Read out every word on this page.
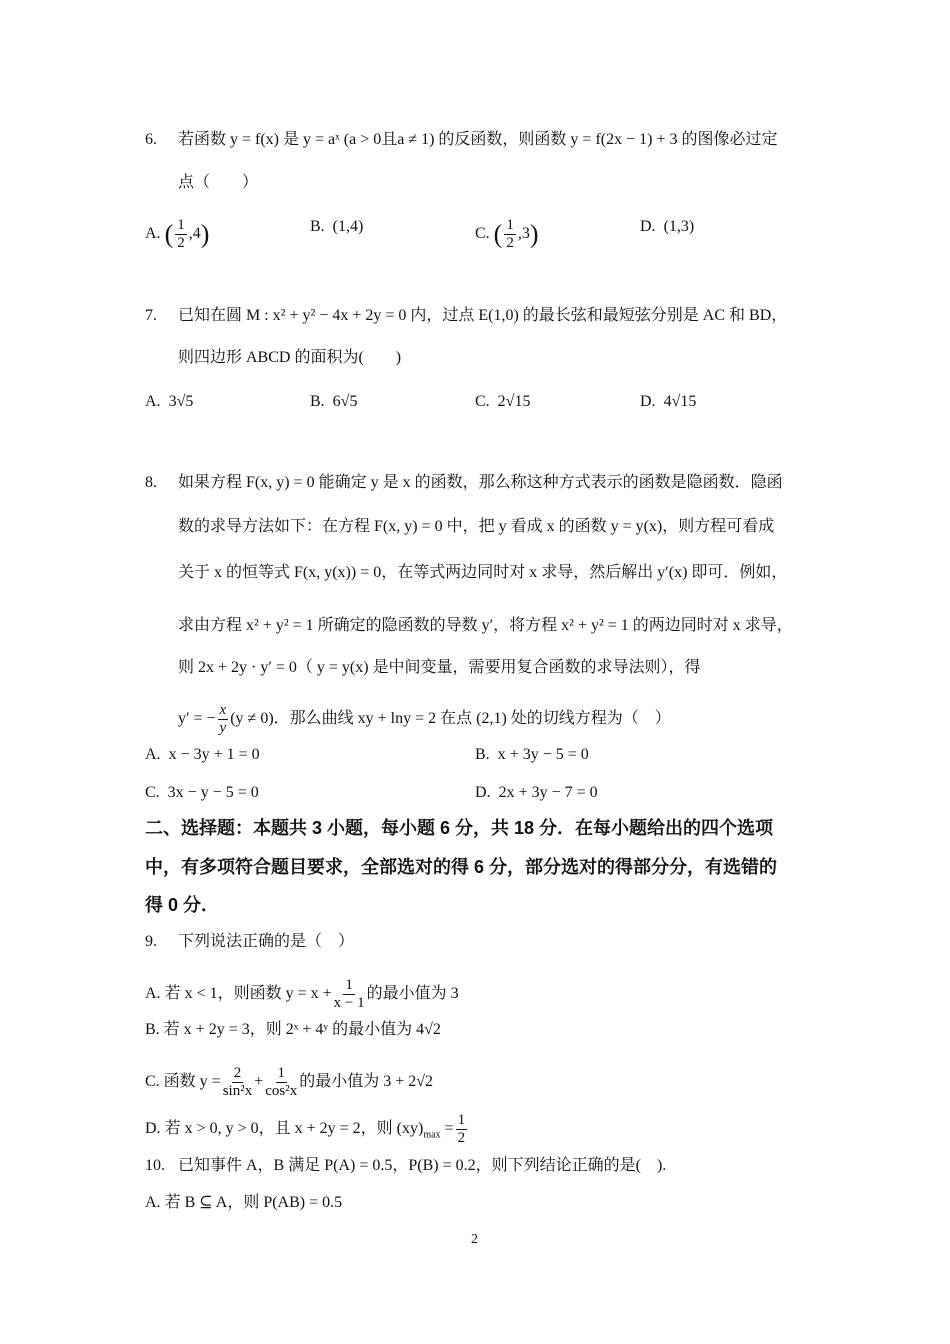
6. 若函数 y = f(x) 是 y = aˣ (a > 0且a ≠ 1) 的反函数，则函数 y = f(2x − 1) + 3 的图像必过定
点（　　）
A. ( $\frac{1}{2} ,4$)	B. (1,4)	C. ( $\frac{1}{2} ,3$)	D. (1,3)
7. 已知在圆 M : x² + y² − 4x + 2y = 0 内，过点 E(1,0) 的最长弦和最短弦分别是 AC 和 BD，
则四边形 ABCD 的面积为(　　)
A. 3√5	B. 6√5	C. 2√15	D. 4√15
8. 如果方程 F(x, y) = 0 能确定 y 是 x 的函数，那么称这种方式表示的函数是隐函数．隐函
数的求导方法如下：在方程 F(x, y) = 0 中，把 y 看成 x 的函数 y = y(x)，则方程可看成
关于 x 的恒等式 F(x, y(x)) = 0，在等式两边同时对 x 求导，然后解出 y′(x) 即可．例如，
求由方程 x² + y² = 1 所确定的隐函数的导数 y′，将方程 x² + y² = 1 的两边同时对 x 求导，
则 2x + 2y · y′ = 0（ y = y(x) 是中间变量，需要用复合函数的求导法则），得
y′ = − $\frac{x}{y} (y \ne 0)$．那么曲线 xy + lny = 2 在点 (2,1) 处的切线方程为（　）
A. x − 3y + 1 = 0	B. x + 3y − 5 = 0
C. 3x − y − 5 = 0	D. 2x + 3y − 7 = 0
二、选择题：本题共 3 小题，每小题 6 分，共 18 分．在每小题给出的四个选项
中，有多项符合题目要求，全部选对的得 6 分，部分选对的得部分分，有选错的
得 0 分．
9. 下列说法正确的是（　）
A. 若 x < 1，则函数 $y = x + \frac{1}{x - 1}$ 的最小值为 3
B. 若 x + 2y = 3，则 2ˣ + 4ʸ 的最小值为 4√2
C. 函数 $y = \frac{2}{\text{sin²x}} + \frac{1}{\text{cos²x}}$ 的最小值为 3 + 2√2
D. 若 x > 0, y > 0，且 x + 2y = 2，则 $(xy)_{max} = \frac{1}{2}$
10. 已知事件 A，B 满足 P(A) = 0.5，P(B) = 0.2，则下列结论正确的是(　).
A. 若 B ⊆ A，则 P(AB) = 0.5
2
